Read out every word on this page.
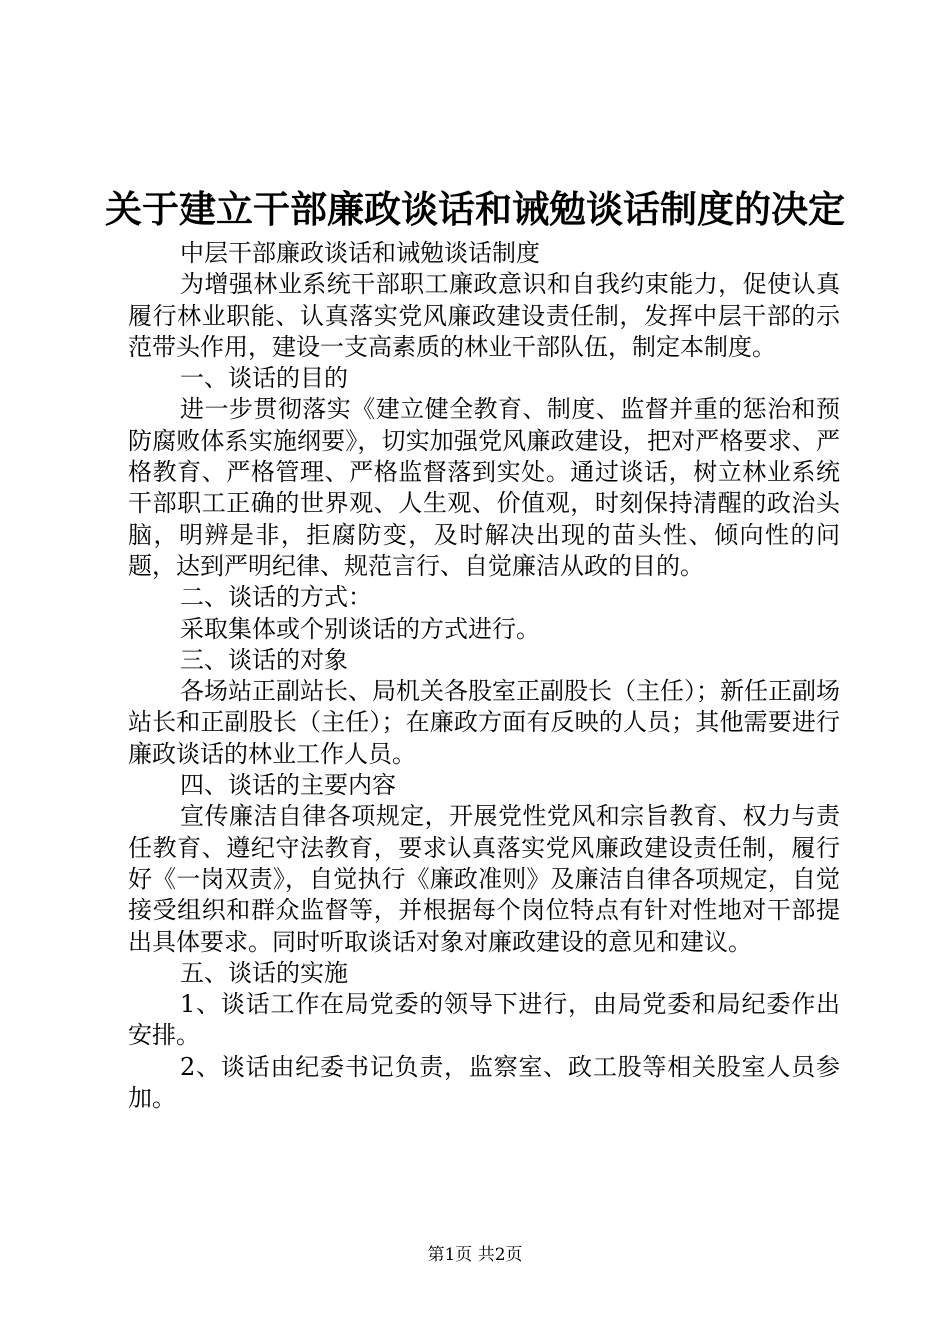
关于建立干部廉政谈话和诫勉谈话制度的决定

中层干部廉政谈话和诫勉谈话制度

为增强林业系统干部职工廉政意识和自我约束能力，促使认真履行林业职能、认真落实党风廉政建设责任制，发挥中层干部的示范带头作用，建设一支高素质的林业干部队伍，制定本制度。

一、谈话的目的

进一步贯彻落实《建立健全教育、制度、监督并重的惩治和预防腐败体系实施纲要》，切实加强党风廉政建设，把对严格要求、严格教育、严格管理、严格监督落到实处。通过谈话，树立林业系统干部职工正确的世界观、人生观、价值观，时刻保持清醒的政治头脑，明辨是非，拒腐防变，及时解决出现的苗头性、倾向性的问题，达到严明纪律、规范言行、自觉廉洁从政的目的。

二、谈话的方式：

采取集体或个别谈话的方式进行。

三、谈话的对象

各场站正副站长、局机关各股室正副股长（主任）；新任正副场站长和正副股长（主任）；在廉政方面有反映的人员；其他需要进行廉政谈话的林业工作人员。

四、谈话的主要内容

宣传廉洁自律各项规定，开展党性党风和宗旨教育、权力与责任教育、遵纪守法教育，要求认真落实党风廉政建设责任制，履行好《一岗双责》，自觉执行《廉政准则》及廉洁自律各项规定，自觉接受组织和群众监督等，并根据每个岗位特点有针对性地对干部提出具体要求。同时听取谈话对象对廉政建设的意见和建议。

五、谈话的实施

1、谈话工作在局党委的领导下进行，由局党委和局纪委作出安排。

2、谈话由纪委书记负责，监察室、政工股等相关股室人员参加。

第1页 共2页
